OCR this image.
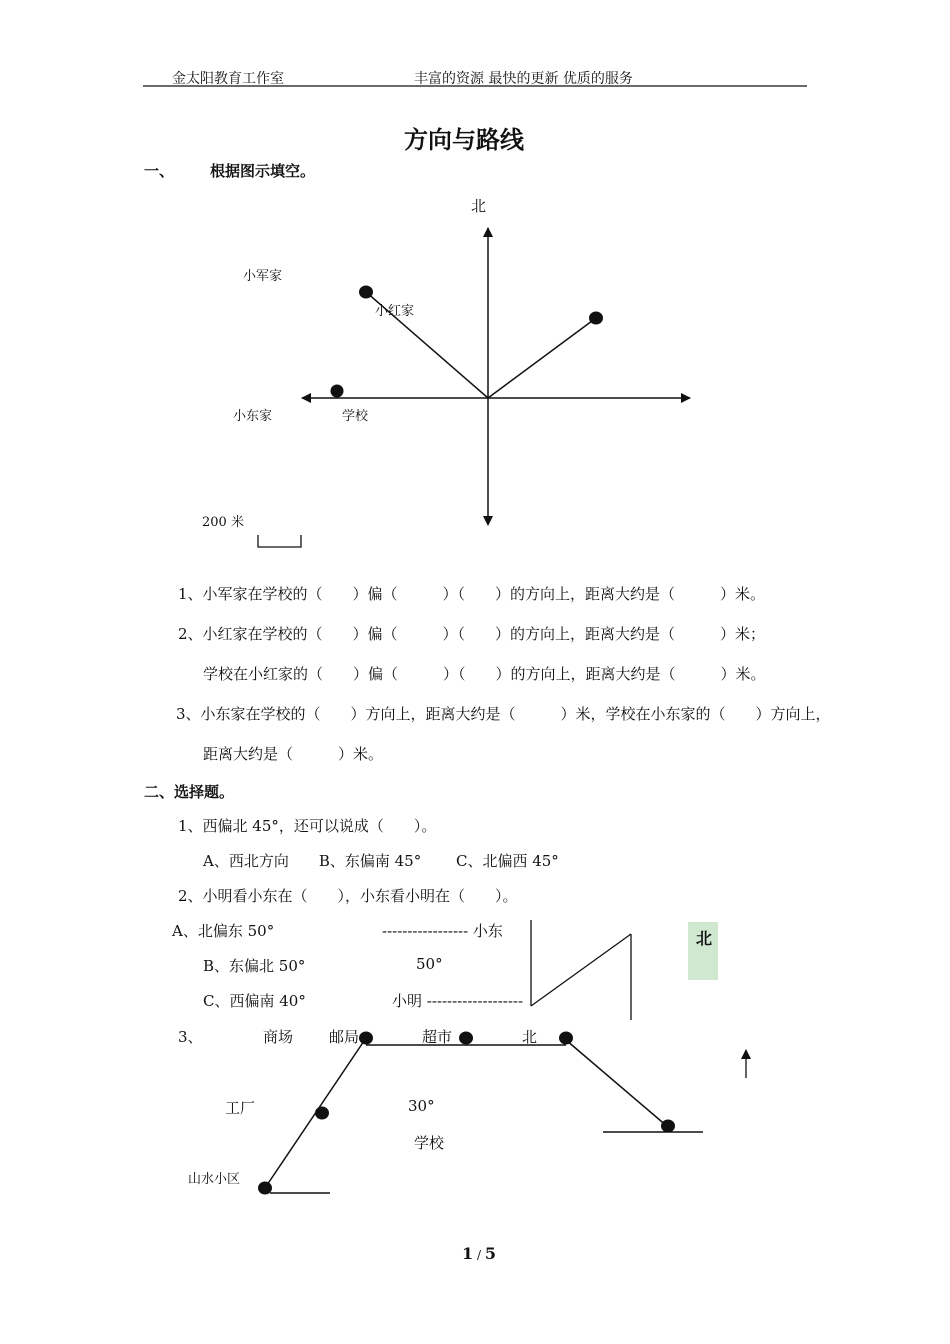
金太阳教育工作室	丰富的资源 最快的更新 优质的服务
方向与路线
一、 根据图示填空。
北
小军家
小红家
小东家	学校
200 米
1、小军家在学校的（　　）偏（　　　）（　　）的方向上，距离大约是（　　　）米。
2、小红家在学校的（　　）偏（　　　）（　　）的方向上，距离大约是（　　　）米；
学校在小红家的（　　）偏（　　　）（　　）的方向上，距离大约是（　　　）米。
3、小东家在学校的（　　）方向上，距离大约是（　　　）米，学校在小东家的（　　）方向上，
距离大约是（　　　）米。
二、选择题。
1、西偏北 45°，还可以说成（　　）。
A、西北方向　　B、东偏南 45°　　 C、北偏西 45°
2、小明看小东在（　　），小东看小明在（　　）。
A、北偏东 50°
B、东偏北 50°
C、西偏南 40°
----------------- 小东
50°
小明 -------------------
北
3、	商场 邮局	超市	北
工厂	30°
学校
山水小区
1 / 5
